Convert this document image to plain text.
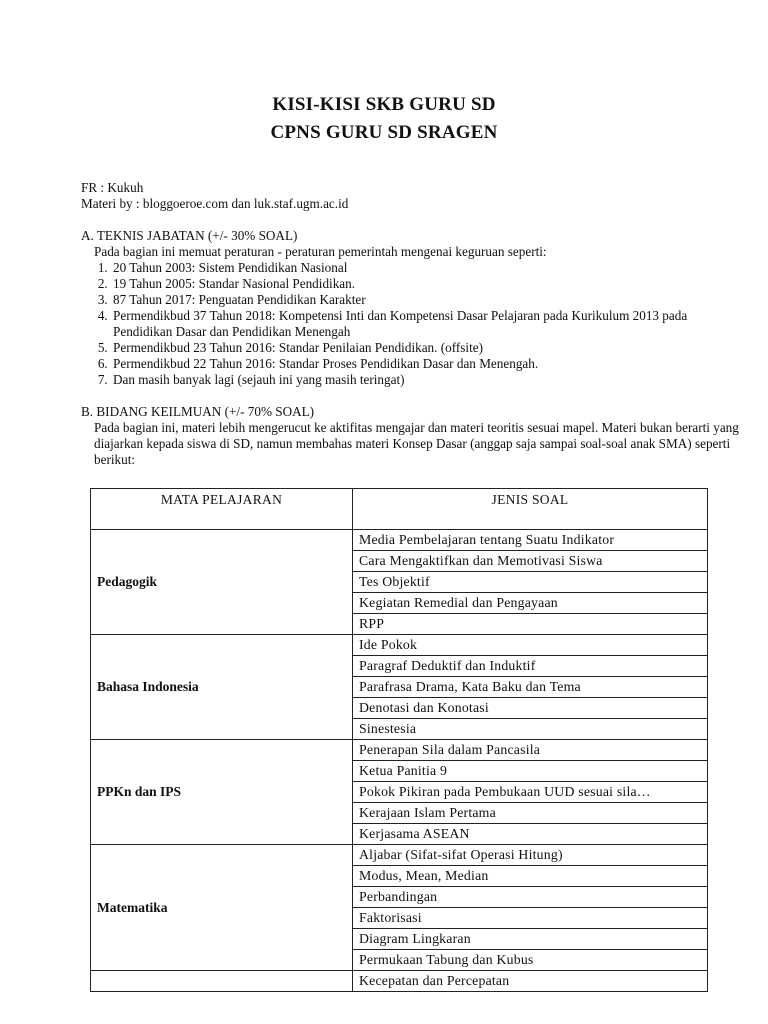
KISI-KISI SKB GURU SD
CPNS GURU SD SRAGEN

FR : Kukuh

Materi by : bloggoeroe.com dan luk.staf.ugm.ac.id

A. TEKNIS JABATAN (+/- 30% SOAL)

Pada bagian ini memuat peraturan - peraturan pemerintah mengenai keguruan seperti:

1. 20 Tahun 2003: Sistem Pendidikan Nasional
2. 19 Tahun 2005: Standar Nasional Pendidikan.
3. 87 Tahun 2017: Penguatan Pendidikan Karakter
4. Permendikbud 37 Tahun 2018: Kompetensi Inti dan Kompetensi Dasar Pelajaran pada Kurikulum 2013 pada Pendidikan Dasar dan Pendidikan Menengah
5. Permendikbud 23 Tahun 2016: Standar Penilaian Pendidikan. (offsite)
6. Permendikbud 22 Tahun 2016: Standar Proses Pendidikan Dasar dan Menengah.
7. Dan masih banyak lagi (sejauh ini yang masih teringat)

B. BIDANG KEILMUAN (+/- 70% SOAL)

Pada bagian ini, materi lebih mengerucut ke aktifitas mengajar dan materi teoritis sesuai mapel. Materi bukan berarti yang diajarkan kepada siswa di SD, namun membahas materi Konsep Dasar (anggap saja sampai soal-soal anak SMA) seperti berikut:

MATA PELAJARAN	JENIS SOAL
Pedagogik	Media Pembelajaran tentang Suatu Indikator
	Cara Mengaktifkan dan Memotivasi Siswa
	Tes Objektif
	Kegiatan Remedial dan Pengayaan
	RPP
Bahasa Indonesia	Ide Pokok
	Paragraf Deduktif dan Induktif
	Parafrasa Drama, Kata Baku dan Tema
	Denotasi dan Konotasi
	Sinestesia
PPKn dan IPS	Penerapan Sila dalam Pancasila
	Ketua Panitia 9
	Pokok Pikiran pada Pembukaan UUD sesuai sila…
	Kerajaan Islam Pertama
	Kerjasama ASEAN
Matematika	Aljabar (Sifat-sifat Operasi Hitung)
	Modus, Mean, Median
	Perbandingan
	Faktorisasi
	Diagram Lingkaran
	Permukaan Tabung dan Kubus
	Kecepatan dan Percepatan
